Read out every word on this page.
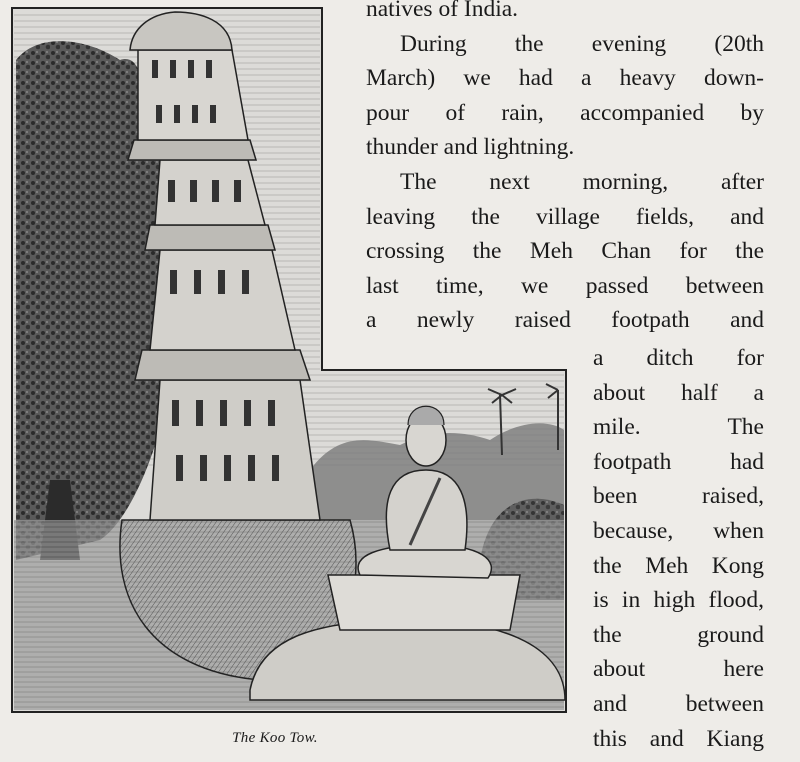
The Koo Tow.
natives of India.
During the evening (20th
March) we had a heavy down-
pour of rain, accompanied by
thunder and lightning.
The next morning, after
leaving the village fields, and
crossing the Meh Chan for the
last time, we passed between
a newly raised footpath and
a ditch for
about half a
mile. The
footpath had
been raised,
because, when
the Meh Kong
is in high flood,
the ground
about here
and between
this and Kiang
